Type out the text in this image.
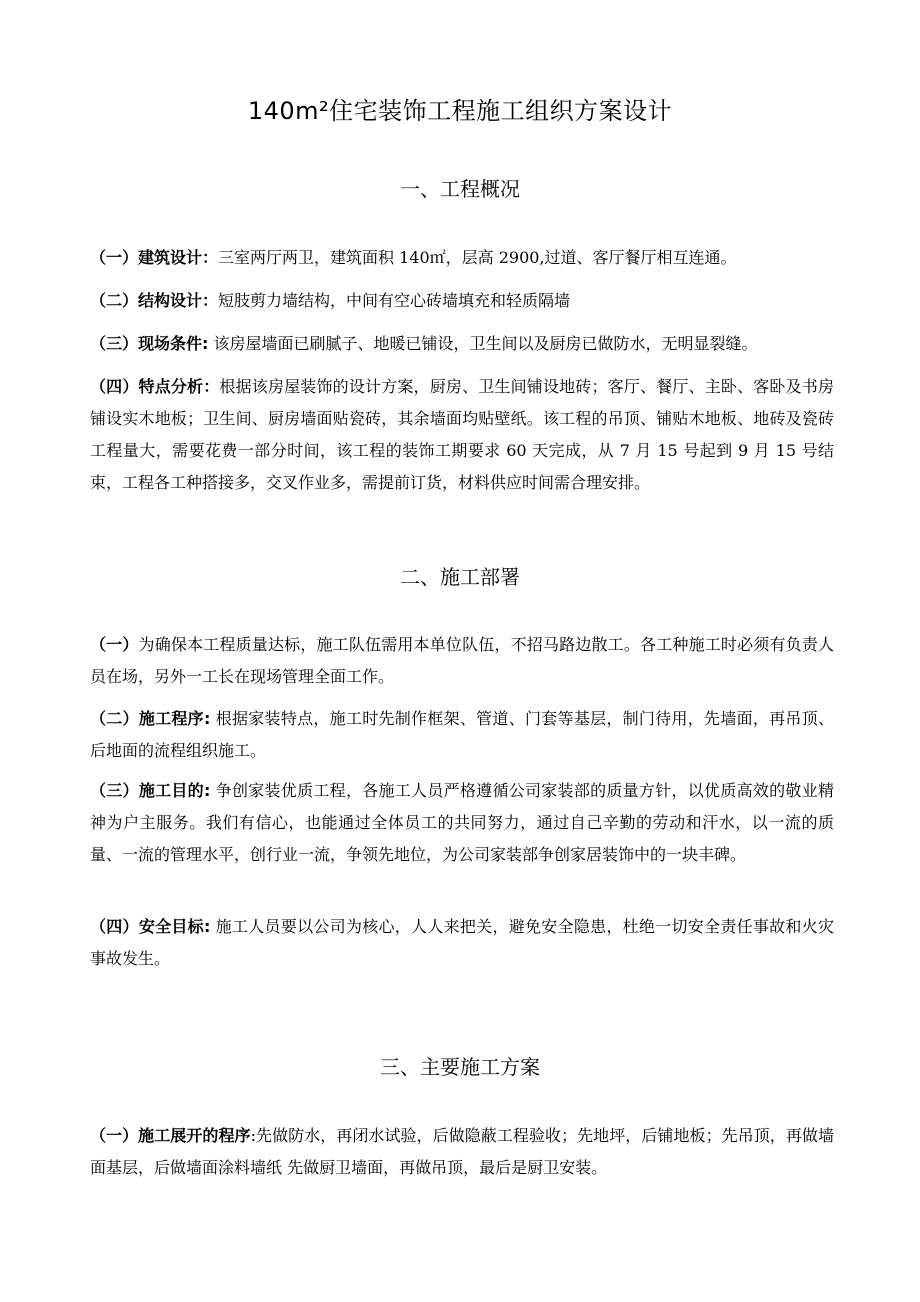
140m²住宅装饰工程施工组织方案设计
一、工程概况

（一）建筑设计：三室两厅两卫，建筑面积 140㎡，层高 2900,过道、客厅餐厅相互连通。

（二）结构设计：短肢剪力墙结构，中间有空心砖墙填充和轻质隔墙

（三）现场条件: 该房屋墙面已刷腻子、地暖已铺设，卫生间以及厨房已做防水，无明显裂缝。

（四）特点分析：根据该房屋装饰的设计方案，厨房、卫生间铺设地砖；客厅、餐厅、主卧、客卧及书房铺设实木地板；卫生间、厨房墙面贴瓷砖，其余墙面均贴壁纸。该工程的吊顶、铺贴木地板、地砖及瓷砖工程量大，需要花费一部分时间，该工程的装饰工期要求 60 天完成，从 7 月 15 号起到 9 月 15 号结束，工程各工种搭接多，交叉作业多，需提前订货，材料供应时间需合理安排。

二、施工部署

（一）为确保本工程质量达标，施工队伍需用本单位队伍，不招马路边散工。各工种施工时必须有负责人员在场，另外一工长在现场管理全面工作。

（二）施工程序: 根据家装特点，施工时先制作框架、管道、门套等基层，制门待用，先墙面，再吊顶、后地面的流程组织施工。

（三）施工目的: 争创家装优质工程，各施工人员严格遵循公司家装部的质量方针，以优质高效的敬业精神为户主服务。我们有信心，也能通过全体员工的共同努力，通过自己辛勤的劳动和汗水，以一流的质量、一流的管理水平，创行业一流，争领先地位，为公司家装部争创家居装饰中的一块丰碑。

（四）安全目标: 施工人员要以公司为核心，人人来把关，避免安全隐患，杜绝一切安全责任事故和火灾事故发生。

三、主要施工方案

（一）施工展开的程序:先做防水，再闭水试验，后做隐蔽工程验收；先地坪，后铺地板；先吊顶，再做墙面基层，后做墙面涂料墙纸 先做厨卫墙面，再做吊顶，最后是厨卫安装。
